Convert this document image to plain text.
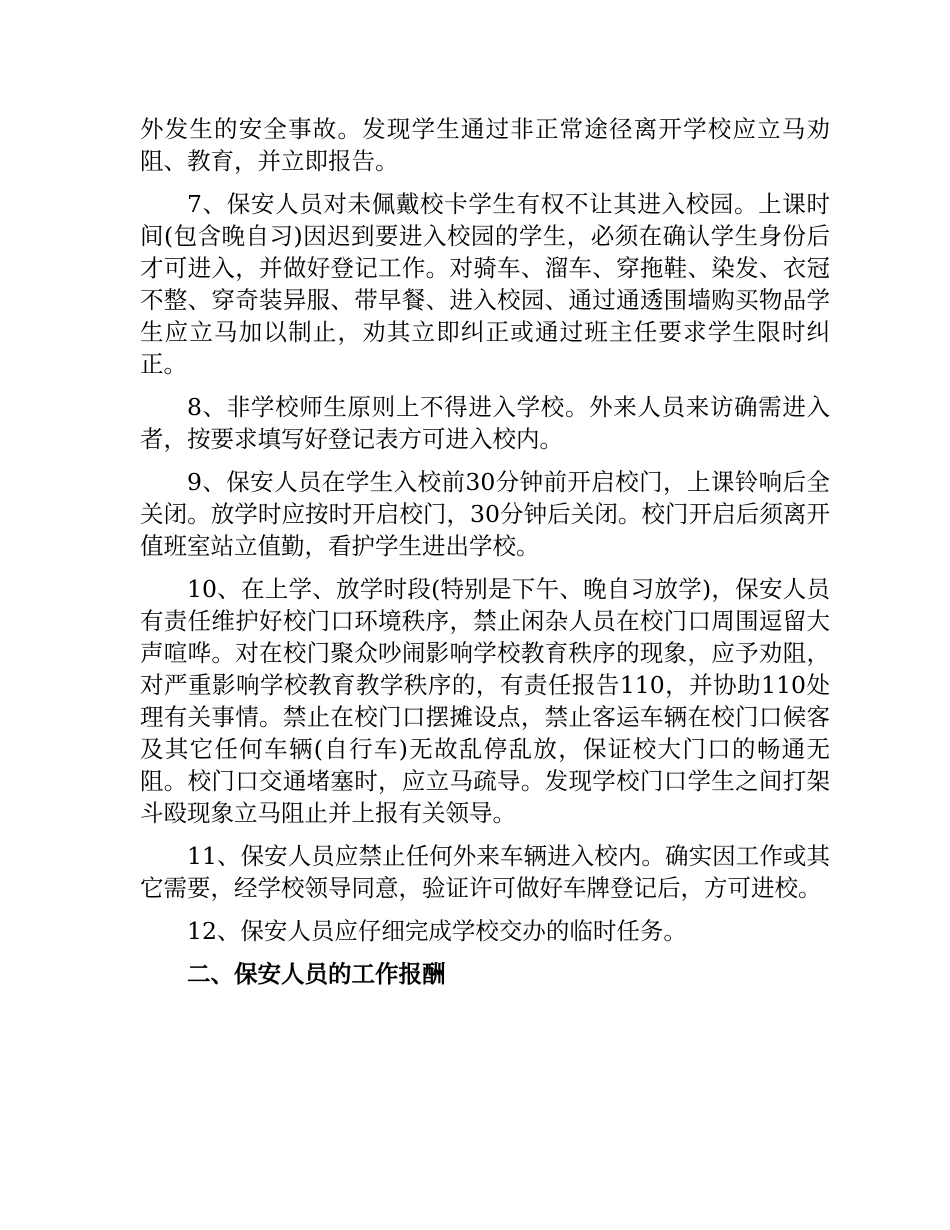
外发生的安全事故。发现学生通过非正常途径离开学校应立马劝阻、教育，并立即报告。

7、保安人员对未佩戴校卡学生有权不让其进入校园。上课时间(包含晚自习)因迟到要进入校园的学生，必须在确认学生身份后才可进入，并做好登记工作。对骑车、溜车、穿拖鞋、染发、衣冠不整、穿奇装异服、带早餐、进入校园、通过通透围墙购买物品学生应立马加以制止，劝其立即纠正或通过班主任要求学生限时纠正。

8、非学校师生原则上不得进入学校。外来人员来访确需进入者，按要求填写好登记表方可进入校内。

9、保安人员在学生入校前30分钟前开启校门，上课铃响后全关闭。放学时应按时开启校门，30分钟后关闭。校门开启后须离开值班室站立值勤，看护学生进出学校。

10、在上学、放学时段(特别是下午、晚自习放学)，保安人员有责任维护好校门口环境秩序，禁止闲杂人员在校门口周围逗留大声喧哗。对在校门聚众吵闹影响学校教育秩序的现象，应予劝阻，对严重影响学校教育教学秩序的，有责任报告110，并协助110处理有关事情。禁止在校门口摆摊设点，禁止客运车辆在校门口候客及其它任何车辆(自行车)无故乱停乱放，保证校大门口的畅通无阻。校门口交通堵塞时，应立马疏导。发现学校门口学生之间打架斗殴现象立马阻止并上报有关领导。

11、保安人员应禁止任何外来车辆进入校内。确实因工作或其它需要，经学校领导同意，验证许可做好车牌登记后，方可进校。

12、保安人员应仔细完成学校交办的临时任务。

二、保安人员的工作报酬
